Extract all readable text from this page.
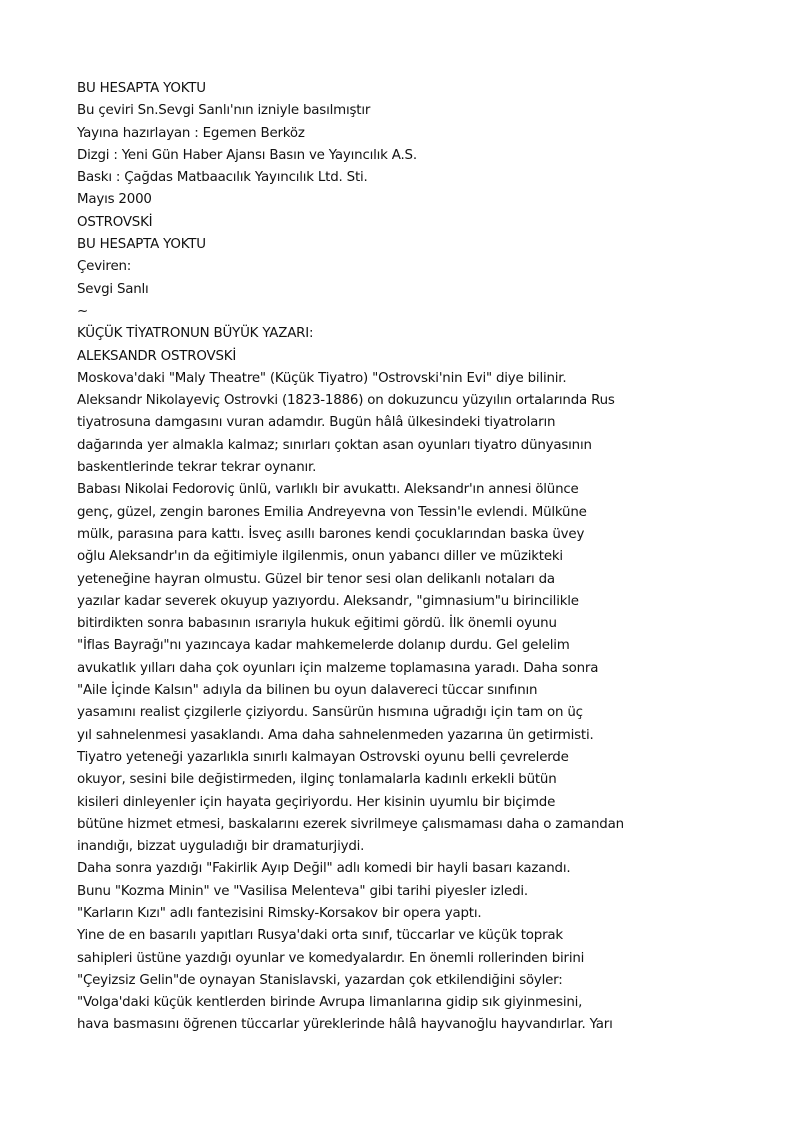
BU HESAPTA YOKTU
Bu çeviri Sn.Sevgi Sanlı'nın izniyle basılmıştır
Yayına hazırlayan : Egemen Berköz
Dizgi : Yeni Gün Haber Ajansı Basın ve Yayıncılık A.S.
Baskı : Çağdas Matbaacılık Yayıncılık Ltd. Sti.
Mayıs 2000
OSTROVSKİ
BU HESAPTA YOKTU
Çeviren:
Sevgi Sanlı
~
KÜÇÜK TİYATRONUN BÜYÜK YAZARI:
ALEKSANDR OSTROVSKİ
Moskova'daki "Maly Theatre" (Küçük Tiyatro) "Ostrovski'nin Evi" diye bilinir.
Aleksandr Nikolayeviç Ostrovki (1823-1886) on dokuzuncu yüzyılın ortalarında Rus
tiyatrosuna damgasını vuran adamdır. Bugün hâlâ ülkesindeki tiyatroların
dağarında yer almakla kalmaz; sınırları çoktan asan oyunları tiyatro dünyasının
baskentlerinde tekrar tekrar oynanır.
Babası Nikolai Fedoroviç ünlü, varlıklı bir avukattı. Aleksandr'ın annesi ölünce
genç, güzel, zengin barones Emilia Andreyevna von Tessin'le evlendi. Mülküne
mülk, parasına para kattı. İsveç asıllı barones kendi çocuklarından baska üvey
oğlu Aleksandr'ın da eğitimiyle ilgilenmis, onun yabancı diller ve müzikteki
yeteneğine hayran olmustu. Güzel bir tenor sesi olan delikanlı notaları da
yazılar kadar severek okuyup yazıyordu. Aleksandr, "gimnasium"u birincilikle
bitirdikten sonra babasının ısrarıyla hukuk eğitimi gördü. İlk önemli oyunu
"İflas Bayrağı"nı yazıncaya kadar mahkemelerde dolanıp durdu. Gel gelelim
avukatlık yılları daha çok oyunları için malzeme toplamasına yaradı. Daha sonra
"Aile İçinde Kalsın" adıyla da bilinen bu oyun dalavereci tüccar sınıfının
yasamını realist çizgilerle çiziyordu. Sansürün hısmına uğradığı için tam on üç
yıl sahnelenmesi yasaklandı. Ama daha sahnelenmeden yazarına ün getirmisti.
Tiyatro yeteneği yazarlıkla sınırlı kalmayan Ostrovski oyunu belli çevrelerde
okuyor, sesini bile değistirmeden, ilginç tonlamalarla kadınlı erkekli bütün
kisileri dinleyenler için hayata geçiriyordu. Her kisinin uyumlu bir biçimde
bütüne hizmet etmesi, baskalarını ezerek sivrilmeye çalısmaması daha o zamandan
inandığı, bizzat uyguladığı bir dramaturjiydi.
Daha sonra yazdığı "Fakirlik Ayıp Değil" adlı komedi bir hayli basarı kazandı.
Bunu "Kozma Minin" ve "Vasilisa Melenteva" gibi tarihi piyesler izledi.
"Karların Kızı" adlı fantezisini Rimsky-Korsakov bir opera yaptı.
Yine de en basarılı yapıtları Rusya'daki orta sınıf, tüccarlar ve küçük toprak
sahipleri üstüne yazdığı oyunlar ve komedyalardır. En önemli rollerinden birini
"Çeyizsiz Gelin"de oynayan Stanislavski, yazardan çok etkilendiğini söyler:
"Volga'daki küçük kentlerden birinde Avrupa limanlarına gidip sık giyinmesini,
hava basmasını öğrenen tüccarlar yüreklerinde hâlâ hayvanoğlu hayvandırlar. Yarı
